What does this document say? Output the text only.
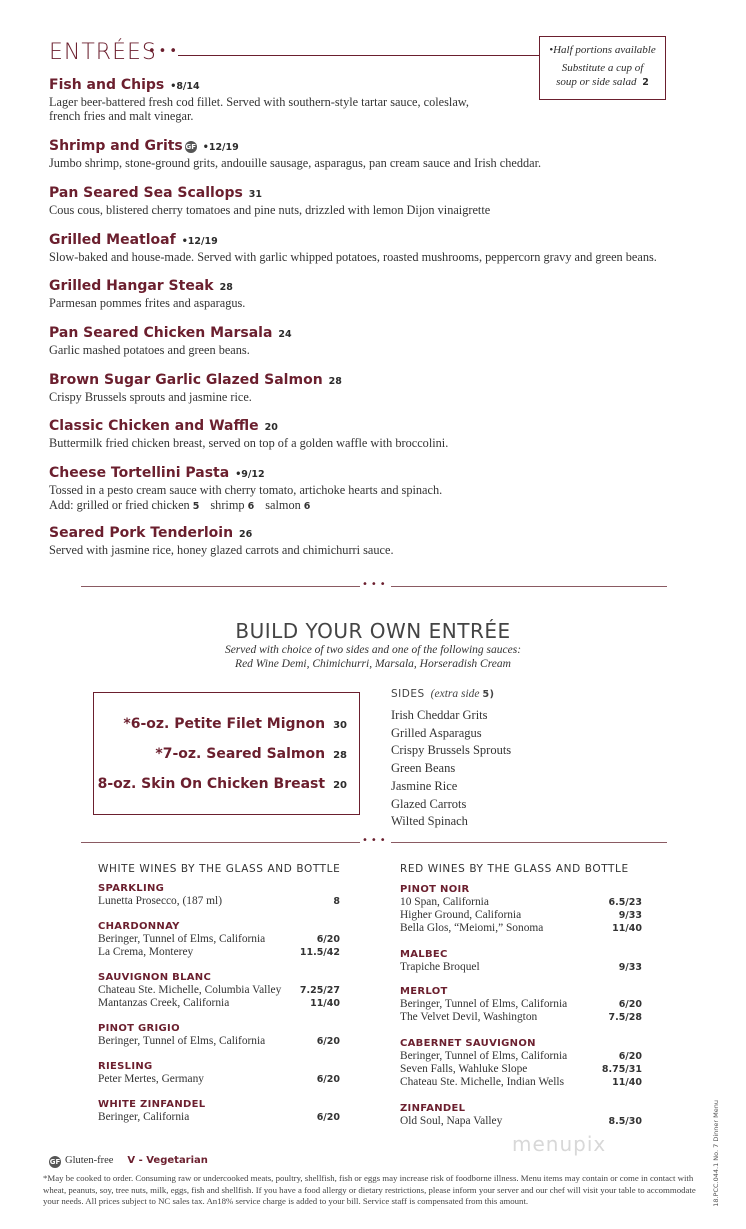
ENTRÉES
•••	•Half portions available
Substitute a cup of
soup or side salad 2
Fish and Chips •8/14
Lager beer-battered fresh cod fillet. Served with southern-style tartar sauce, coleslaw, french fries and malt vinegar.
Shrimp and Grits GF •12/19
Jumbo shrimp, stone-ground grits, andouille sausage, asparagus, pan cream sauce and Irish cheddar.
Pan Seared Sea Scallops 31
Cous cous, blistered cherry tomatoes and pine nuts, drizzled with lemon Dijon vinaigrette
Grilled Meatloaf •12/19
Slow-baked and house-made. Served with garlic whipped potatoes, roasted mushrooms, peppercorn gravy and green beans.
Grilled Hangar Steak 28
Parmesan pommes frites and asparagus.
Pan Seared Chicken Marsala 24
Garlic mashed potatoes and green beans.
Brown Sugar Garlic Glazed Salmon 28
Crispy Brussels sprouts and jasmine rice.
Classic Chicken and Waffle 20
Buttermilk fried chicken breast, served on top of a golden waffle with broccolini.
Cheese Tortellini Pasta •9/12
Tossed in a pesto cream sauce with cherry tomato, artichoke hearts and spinach.
Add: grilled or fried chicken 5 shrimp 6 salmon 6
Seared Pork Tenderloin 26
Served with jasmine rice, honey glazed carrots and chimichurri sauce.
•••
BUILD YOUR OWN ENTRÉE
Served with choice of two sides and one of the following sauces:
Red Wine Demi, Chimichurri, Marsala, Horseradish Cream
*6-oz. Petite Filet Mignon 30
*7-oz. Seared Salmon 28
8-oz. Skin On Chicken Breast 20
SIDES (extra side 5)
Irish Cheddar Grits
Grilled Asparagus
Crispy Brussels Sprouts
Green Beans
Jasmine Rice
Glazed Carrots
Wilted Spinach
•••
WHITE WINES BY THE GLASS AND BOTTLE
SPARKLING
Lunetta Prosecco, (187 ml)	8
CHARDONNAY
Beringer, Tunnel of Elms, California	6/20
La Crema, Monterey	11.5/42
SAUVIGNON BLANC
Chateau Ste. Michelle, Columbia Valley 7.25/27
Mantanzas Creek, California	11/40
PINOT GRIGIO
Beringer, Tunnel of Elms, California	6/20
RIESLING
Peter Mertes, Germany	6/20
WHITE ZINFANDEL
Beringer, California	6/20
RED WINES BY THE GLASS AND BOTTLE
PINOT NOIR
10 Span, California	6.5/23
Higher Ground, California	9/33
Bella Glos, “Meiomi,” Sonoma	11/40
MALBEC
Trapiche Broquel	9/33
MERLOT
Beringer, Tunnel of Elms, California	6/20
The Velvet Devil, Washington	7.5/28
CABERNET SAUVIGNON
Beringer, Tunnel of Elms, California	6/20
Seven Falls, Wahluke Slope	8.75/31
Chateau Ste. Michelle, Indian Wells	11/40
ZINFANDEL
Old Soul, Napa Valley	8.5/30
menupix
GF Gluten-free V - Vegetarian
*May be cooked to order. Consuming raw or undercooked meats, poultry, shellfish, fish or eggs may increase risk of foodborne illness. Menu items may contain or come in contact with wheat, peanuts, soy, tree nuts, milk, eggs, fish and shellfish. If you have a food allergy or dietary restrictions, please inform your server and our chef will visit your table to accommodate your needs. All prices subject to NC sales tax. An18% service charge is added to your bill. Service staff is compensated from this amount.	18.PCC.044.1 No. 7 Dinner Menu
